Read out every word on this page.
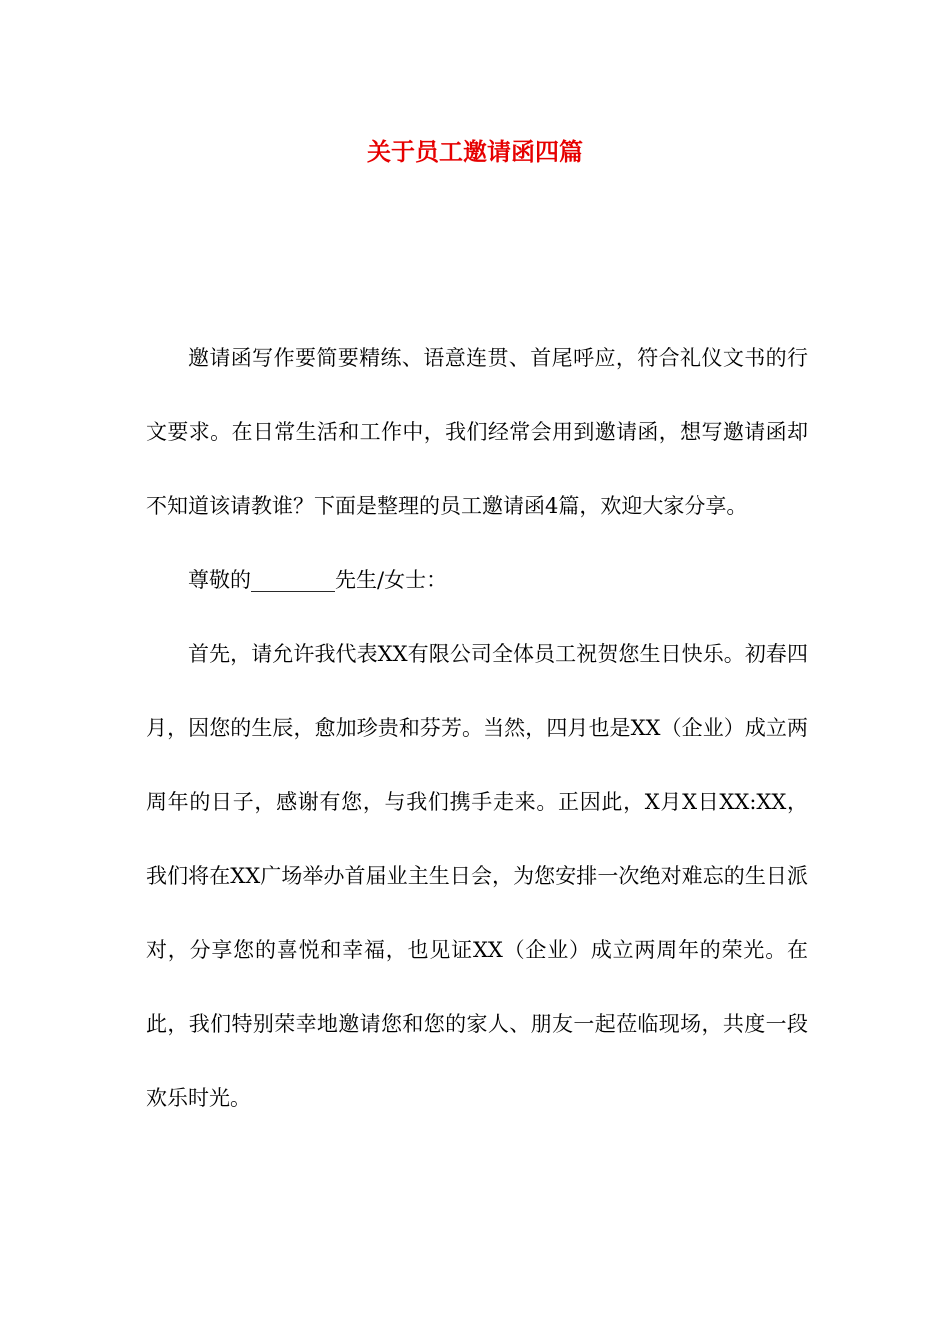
关于员工邀请函四篇

邀请函写作要简要精练、语意连贯、首尾呼应，符合礼仪文书的行文要求。在日常生活和工作中，我们经常会用到邀请函，想写邀请函却不知道该请教谁？下面是整理的员工邀请函4篇，欢迎大家分享。

尊敬的________先生/女士：

首先，请允许我代表XX有限公司全体员工祝贺您生日快乐。初春四月，因您的生辰，愈加珍贵和芬芳。当然，四月也是XX（企业）成立两周年的日子，感谢有您，与我们携手走来。正因此，X月X日XX:XX，我们将在XX广场举办首届业主生日会，为您安排一次绝对难忘的生日派对，分享您的喜悦和幸福，也见证XX（企业）成立两周年的荣光。在此，我们特别荣幸地邀请您和您的家人、朋友一起莅临现场，共度一段欢乐时光。
